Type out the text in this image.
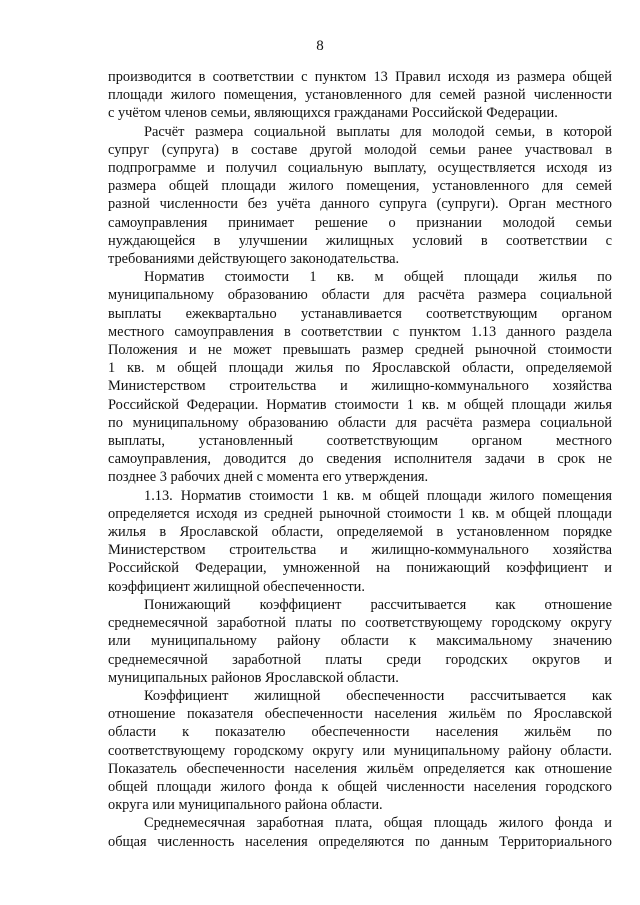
8

производится в соответствии с пунктом 13 Правил исходя из размера общей
площади жилого помещения, установленного для семей разной численности
с учётом членов семьи, являющихся гражданами Российской Федерации.

Расчёт размера социальной выплаты для молодой семьи, в которой
супруг (супруга) в составе другой молодой семьи ранее участвовал в
подпрограмме и получил социальную выплату, осуществляется исходя из
размера общей площади жилого помещения, установленного для семей
разной численности без учёта данного супруга (супруги). Орган местного
самоуправления принимает решение о признании молодой семьи
нуждающейся в улучшении жилищных условий в соответствии с
требованиями действующего законодательства.

Норматив стоимости 1 кв. м общей площади жилья по
муниципальному образованию области для расчёта размера социальной
выплаты ежеквартально устанавливается соответствующим органом
местного самоуправления в соответствии с пунктом 1.13 данного раздела
Положения и не может превышать размер средней рыночной стоимости
1 кв. м общей площади жилья по Ярославской области, определяемой
Министерством строительства и жилищно-коммунального хозяйства
Российской Федерации. Норматив стоимости 1 кв. м общей площади жилья
по муниципальному образованию области для расчёта размера социальной
выплаты, установленный соответствующим органом местного
самоуправления, доводится до сведения исполнителя задачи в срок не
позднее 3 рабочих дней с момента его утверждения.

1.13. Норматив стоимости 1 кв. м общей площади жилого помещения
определяется исходя из средней рыночной стоимости 1 кв. м общей площади
жилья в Ярославской области, определяемой в установленном порядке
Министерством строительства и жилищно-коммунального хозяйства
Российской Федерации, умноженной на понижающий коэффициент и
коэффициент жилищной обеспеченности.

Понижающий коэффициент рассчитывается как отношение
среднемесячной заработной платы по соответствующему городскому округу
или муниципальному району области к максимальному значению
среднемесячной заработной платы среди городских округов и
муниципальных районов Ярославской области.

Коэффициент жилищной обеспеченности рассчитывается как
отношение показателя обеспеченности населения жильём по Ярославской
области к показателю обеспеченности населения жильём по
соответствующему городскому округу или муниципальному району области.
Показатель обеспеченности населения жильём определяется как отношение
общей площади жилого фонда к общей численности населения городского
округа или муниципального района области.

Среднемесячная заработная плата, общая площадь жилого фонда и
общая численность населения определяются по данным Территориального
